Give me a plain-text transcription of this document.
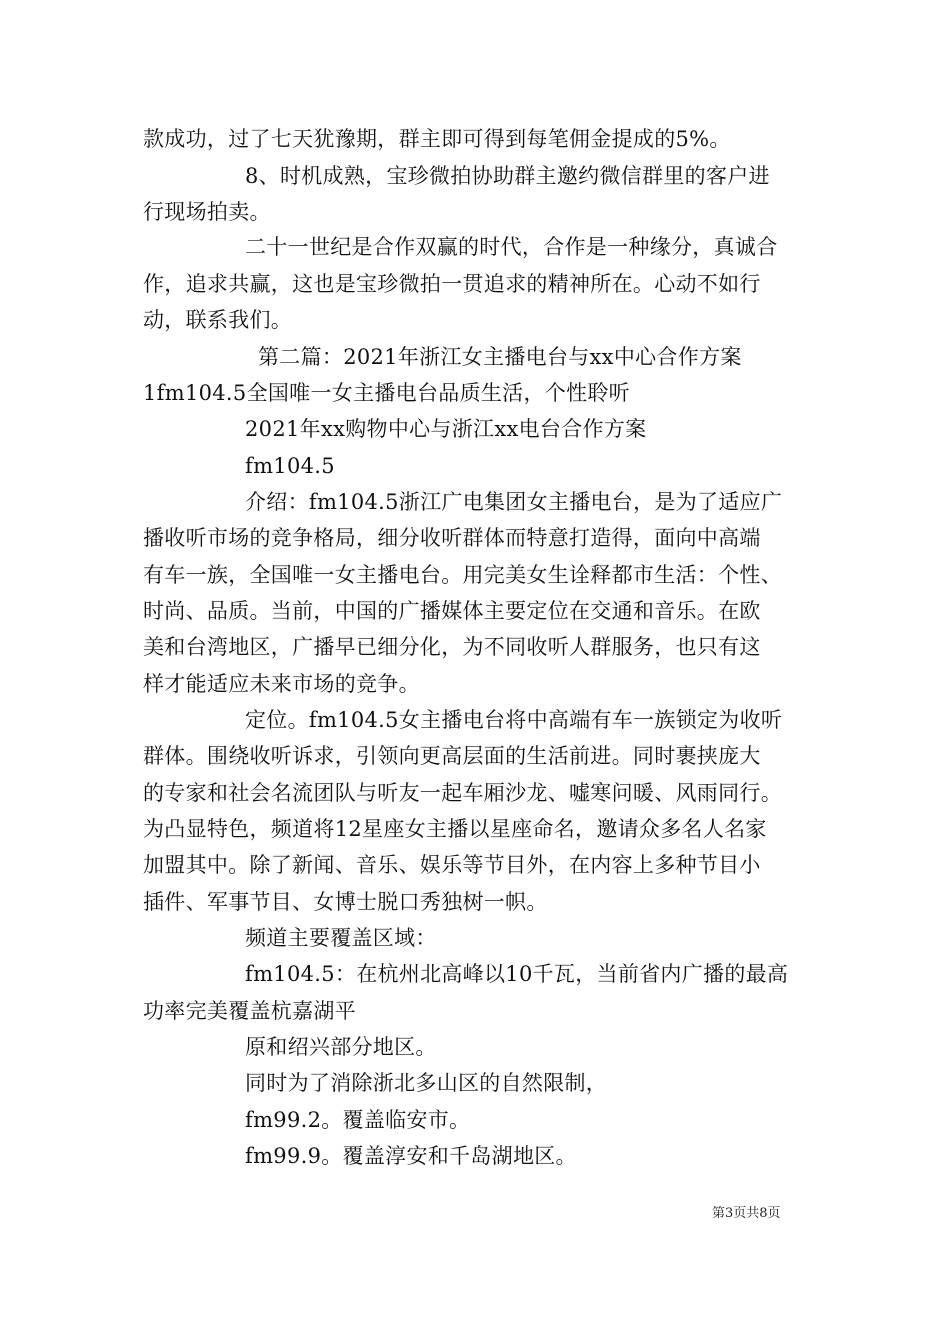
款成功，过了七天犹豫期，群主即可得到每笔佣金提成的5%。
8、时机成熟，宝珍微拍协助群主邀约微信群里的客户进
行现场拍卖。
二十一世纪是合作双赢的时代，合作是一种缘分，真诚合
作，追求共赢，这也是宝珍微拍一贯追求的精神所在。心动不如行
动，联系我们。
第二篇：2021年浙江女主播电台与xx中心合作方案
1fm104.5全国唯一女主播电台品质生活，个性聆听
2021年xx购物中心与浙江xx电台合作方案
fm104.5
介绍：fm104.5浙江广电集团女主播电台，是为了适应广
播收听市场的竞争格局，细分收听群体而特意打造得，面向中高端
有车一族，全国唯一女主播电台。用完美女生诠释都市生活：个性、
时尚、品质。当前，中国的广播媒体主要定位在交通和音乐。在欧
美和台湾地区，广播早已细分化，为不同收听人群服务，也只有这
样才能适应未来市场的竞争。
定位。fm104.5女主播电台将中高端有车一族锁定为收听
群体。围绕收听诉求，引领向更高层面的生活前进。同时裹挟庞大
的专家和社会名流团队与听友一起车厢沙龙、嘘寒问暖、风雨同行。
为凸显特色，频道将12星座女主播以星座命名，邀请众多名人名家
加盟其中。除了新闻、音乐、娱乐等节目外，在内容上多种节目小
插件、军事节目、女博士脱口秀独树一帜。
频道主要覆盖区域：
fm104.5：在杭州北高峰以10千瓦，当前省内广播的最高
功率完美覆盖杭嘉湖平
原和绍兴部分地区。
同时为了消除浙北多山区的自然限制，
fm99.2。覆盖临安市。
fm99.9。覆盖淳安和千岛湖地区。
第3页共8页
